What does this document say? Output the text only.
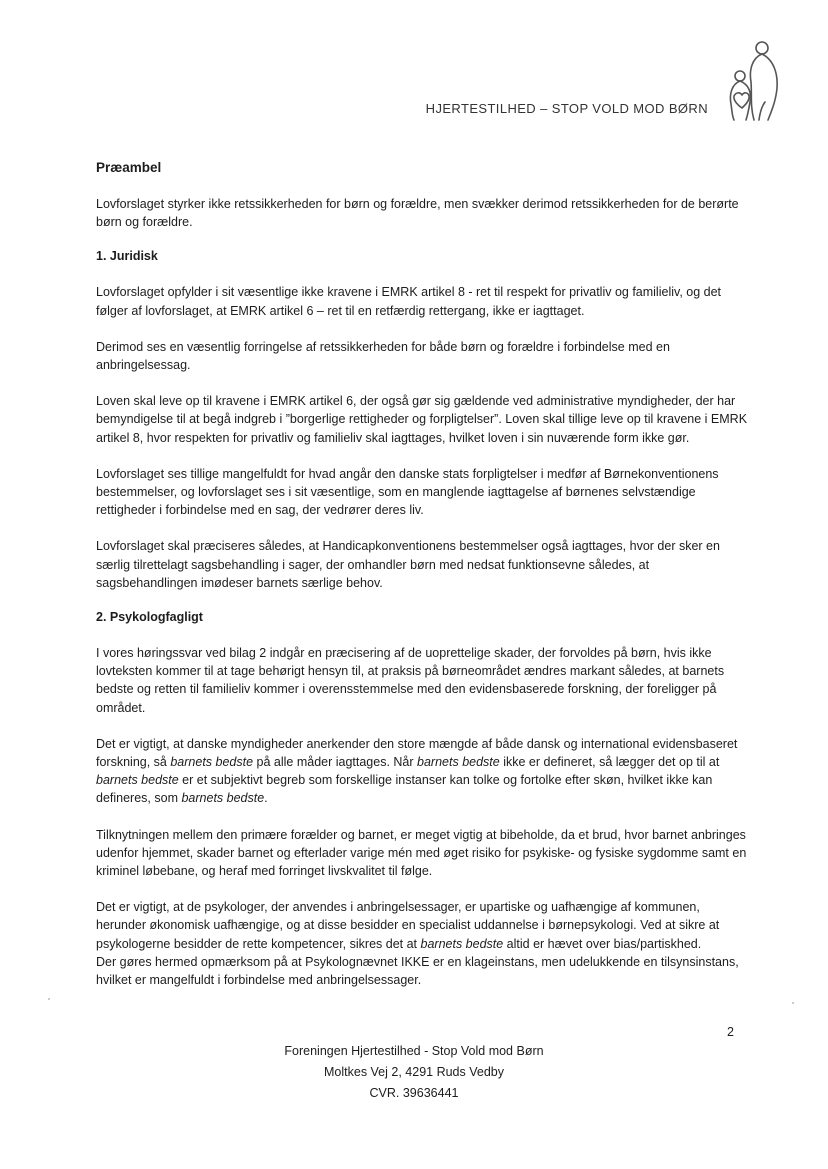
HJERTESTILHED – STOP VOLD MOD BØRN
Præambel

Lovforslaget styrker ikke retssikkerheden for børn og forældre, men svækker derimod retssikkerheden for de berørte børn og forældre.

1. Juridisk

Lovforslaget opfylder i sit væsentlige ikke kravene i EMRK artikel 8 - ret til respekt for privatliv og familieliv, og det følger af lovforslaget, at EMRK artikel 6 – ret til en retfærdig rettergang, ikke er iagttaget.

Derimod ses en væsentlig forringelse af retssikkerheden for både børn og forældre i forbindelse med en anbringelsessag.

Loven skal leve op til kravene i EMRK artikel 6, der også gør sig gældende ved administrative myndigheder, der har bemyndigelse til at begå indgreb i ”borgerlige rettigheder og forpligtelser”. Loven skal tillige leve op til kravene i EMRK artikel 8, hvor respekten for privatliv og familieliv skal iagttages, hvilket loven i sin nuværende form ikke gør.

Lovforslaget ses tillige mangelfuldt for hvad angår den danske stats forpligtelser i medfør af Børnekonventionens bestemmelser, og lovforslaget ses i sit væsentlige, som en manglende iagttagelse af børnenes selvstændige rettigheder i forbindelse med en sag, der vedrører deres liv.

Lovforslaget skal præciseres således, at Handicapkonventionens bestemmelser også iagttages, hvor der sker en særlig tilrettelagt sagsbehandling i sager, der omhandler børn med nedsat funktionsevne således, at sagsbehandlingen imødeser barnets særlige behov.

2. Psykologfagligt

I vores høringssvar ved bilag 2 indgår en præcisering af de uoprettelige skader, der forvoldes på børn, hvis ikke lovteksten kommer til at tage behørigt hensyn til, at praksis på børneområdet ændres markant således, at barnets bedste og retten til familieliv kommer i overensstemmelse med den evidensbaserede forskning, der foreligger på området.

Det er vigtigt, at danske myndigheder anerkender den store mængde af både dansk og international evidensbaseret forskning, så barnets bedste på alle måder iagttages. Når barnets bedste ikke er defineret, så lægger det op til at barnets bedste er et subjektivt begreb som forskellige instanser kan tolke og fortolke efter skøn, hvilket ikke kan defineres, som barnets bedste.

Tilknytningen mellem den primære forælder og barnet, er meget vigtig at bibeholde, da et brud, hvor barnet anbringes udenfor hjemmet, skader barnet og efterlader varige mén med øget risiko for psykiske- og fysiske sygdomme samt en kriminel løbebane, og heraf med forringet livskvalitet til følge.

Det er vigtigt, at de psykologer, der anvendes i anbringelsessager, er upartiske og uafhængige af kommunen, herunder økonomisk uafhængige, og at disse besidder en specialist uddannelse i børnepsykologi. Ved at sikre at psykologerne besidder de rette kompetencer, sikres det at barnets bedste altid er hævet over bias/partiskhed.

Der gøres hermed opmærksom på at Psykolognævnet IKKE er en klageinstans, men udelukkende en tilsynsinstans, hvilket er mangelfuldt i forbindelse med anbringelsessager.

2
Foreningen Hjertestilhed - Stop Vold mod Børn
Moltkes Vej 2, 4291 Ruds Vedby
CVR. 39636441
